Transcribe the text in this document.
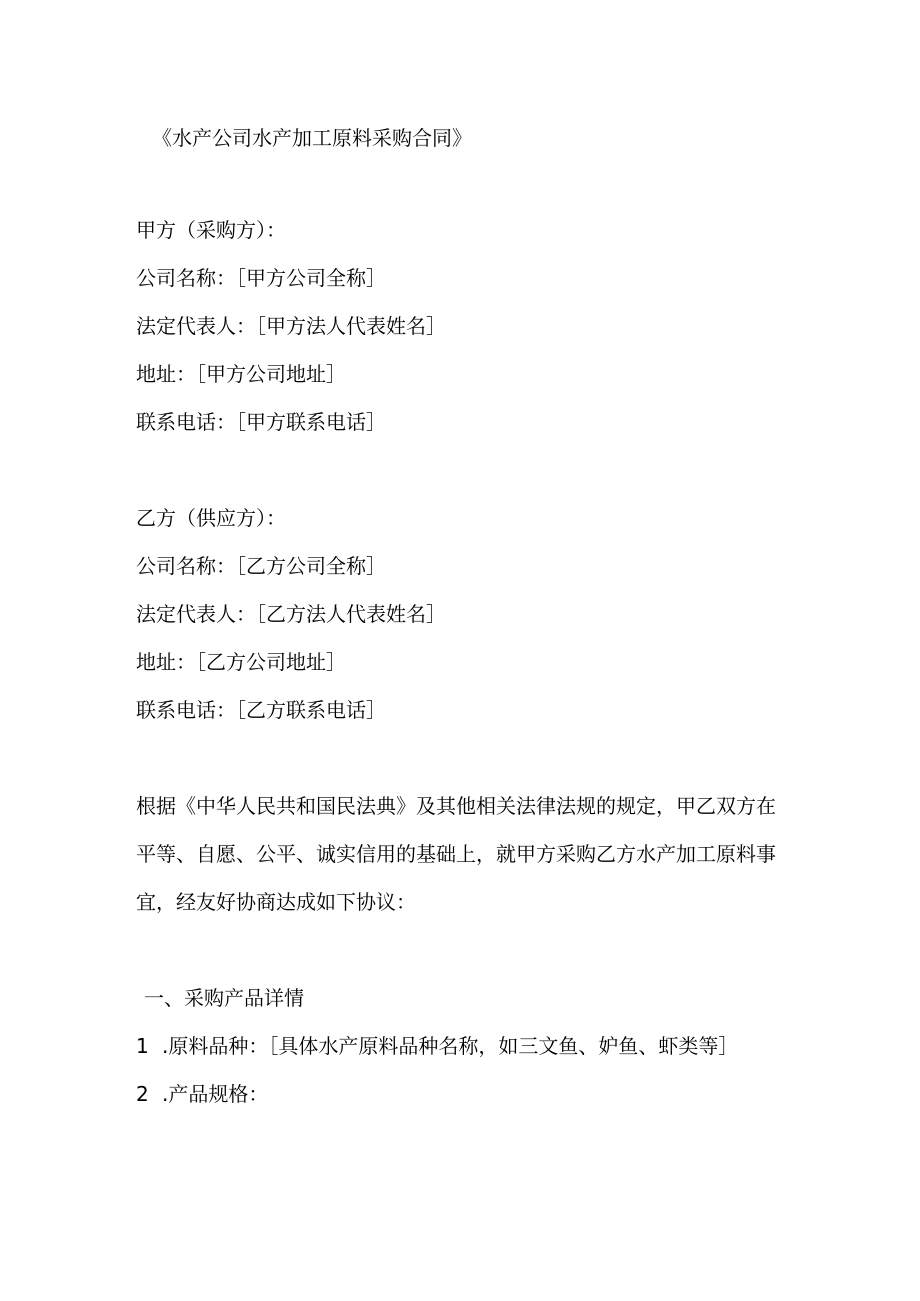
《水产公司水产加工原料采购合同》
甲方（采购方）：
公司名称：［甲方公司全称］
法定代表人：［甲方法人代表姓名］
地址：［甲方公司地址］
联系电话：［甲方联系电话］
乙方（供应方）：
公司名称：［乙方公司全称］
法定代表人：［乙方法人代表姓名］
地址：［乙方公司地址］
联系电话：［乙方联系电话］
根据《中华人民共和国民法典》及其他相关法律法规的规定，甲乙双方在
平等、自愿、公平、诚实信用的基础上，就甲方采购乙方水产加工原料事
宜，经友好协商达成如下协议：
一、采购产品详情
1 .原料品种：［具体水产原料品种名称，如三文鱼、妒鱼、虾类等］
2 .产品规格：
